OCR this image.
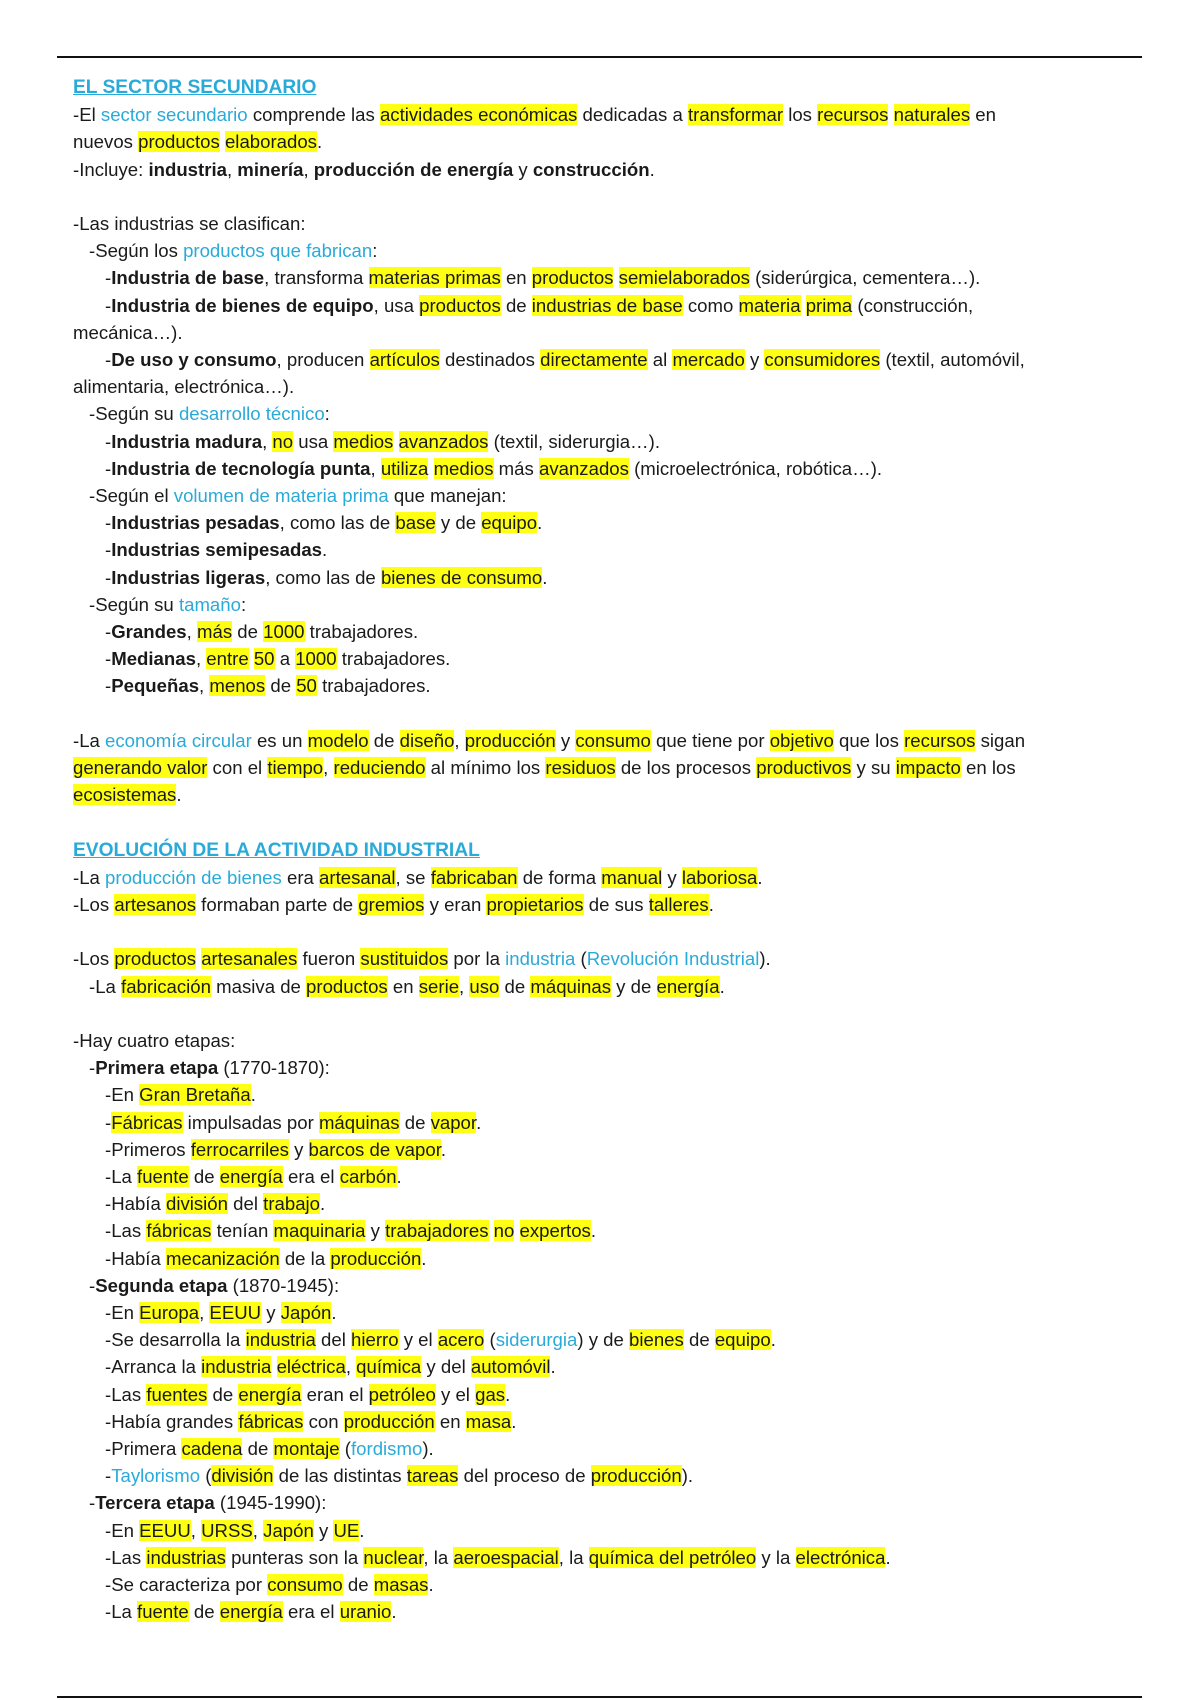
EL SECTOR SECUNDARIO
-El sector secundario comprende las actividades económicas dedicadas a transformar los recursos naturales en
nuevos productos elaborados.
-Incluye: industria, minería, producción de energía y construcción.
-Las industrias se clasifican:
-Según los productos que fabrican:
-Industria de base, transforma materias primas en productos semielaborados (siderúrgica, cementera…).
-Industria de bienes de equipo, usa productos de industrias de base como materia prima (construcción,
mecánica…).
-De uso y consumo, producen artículos destinados directamente al mercado y consumidores (textil, automóvil,
alimentaria, electrónica…).
-Según su desarrollo técnico:
-Industria madura, no usa medios avanzados (textil, siderurgia…).
-Industria de tecnología punta, utiliza medios más avanzados (microelectrónica, robótica…).
-Según el volumen de materia prima que manejan:
-Industrias pesadas, como las de base y de equipo.
-Industrias semipesadas.
-Industrias ligeras, como las de bienes de consumo.
-Según su tamaño:
-Grandes, más de 1000 trabajadores.
-Medianas, entre 50 a 1000 trabajadores.
-Pequeñas, menos de 50 trabajadores.
-La economía circular es un modelo de diseño, producción y consumo que tiene por objetivo que los recursos sigan
generando valor con el tiempo, reduciendo al mínimo los residuos de los procesos productivos y su impacto en los
ecosistemas.
EVOLUCIÓN DE LA ACTIVIDAD INDUSTRIAL
-La producción de bienes era artesanal, se fabricaban de forma manual y laboriosa.
-Los artesanos formaban parte de gremios y eran propietarios de sus talleres.
-Los productos artesanales fueron sustituidos por la industria (Revolución Industrial).
-La fabricación masiva de productos en serie, uso de máquinas y de energía.
-Hay cuatro etapas:
-Primera etapa (1770-1870):
-En Gran Bretaña.
-Fábricas impulsadas por máquinas de vapor.
-Primeros ferrocarriles y barcos de vapor.
-La fuente de energía era el carbón.
-Había división del trabajo.
-Las fábricas tenían maquinaria y trabajadores no expertos.
-Había mecanización de la producción.
-Segunda etapa (1870-1945):
-En Europa, EEUU y Japón.
-Se desarrolla la industria del hierro y el acero (siderurgia) y de bienes de equipo.
-Arranca la industria eléctrica, química y del automóvil.
-Las fuentes de energía eran el petróleo y el gas.
-Había grandes fábricas con producción en masa.
-Primera cadena de montaje (fordismo).
-Taylorismo (división de las distintas tareas del proceso de producción).
-Tercera etapa (1945-1990):
-En EEUU, URSS, Japón y UE.
-Las industrias punteras son la nuclear, la aeroespacial, la química del petróleo y la electrónica.
-Se caracteriza por consumo de masas.
-La fuente de energía era el uranio.
